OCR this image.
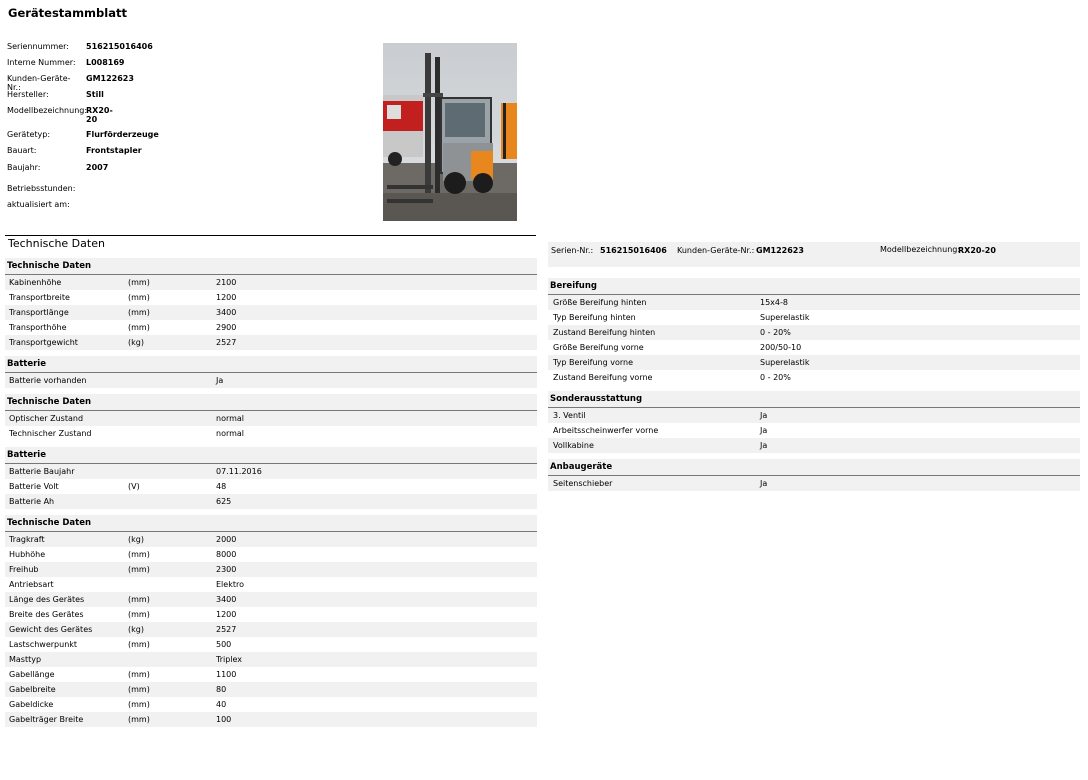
Gerätestammblatt
Seriennummer:	516215016406
Interne Nummer:	L008169
Kunden-Geräte-Nr.:
GM122623
Hersteller:	Still
Modellbezeichnung:
RX20-20
Gerätetyp:	Flurförderzeuge
Bauart:	Frontstapler
Baujahr:	2007
Betriebsstunden:
aktualisiert am:
Technische Daten
Technische Daten
Kabinenhöhe	(mm)	2100
Transportbreite	(mm)	1200
Transportlänge	(mm)	3400
Transporthöhe	(mm)	2900
Transportgewicht	(kg)	2527
Batterie
Batterie vorhanden	Ja
Technische Daten
Optischer Zustand	normal
Technischer Zustand	normal
Batterie
Batterie Baujahr	07.11.2016
Batterie Volt	(V)	48
Batterie Ah	625
Technische Daten
Tragkraft	(kg)	2000
Hubhöhe	(mm)	8000
Freihub	(mm)	2300
Antriebsart	Elektro
Länge des Gerätes	(mm)	3400
Breite des Gerätes	(mm)	1200
Gewicht des Gerätes	(kg)	2527
Lastschwerpunkt	(mm)	500
Masttyp	Triplex
Gabellänge	(mm)	1100
Gabelbreite	(mm)	80
Gabeldicke	(mm)	40
Gabelträger Breite	(mm)	100
Serien-Nr.: 516215016406 Kunden-Geräte-Nr.: GM122623	Modellbezeichnung:
RX20-20
Bereifung
Größe Bereifung hinten	15x4-8
Typ Bereifung hinten	Superelastik
Zustand Bereifung hinten	0 - 20%
Größe Bereifung vorne	200/50-10
Typ Bereifung vorne	Superelastik
Zustand Bereifung vorne	0 - 20%
Sonderausstattung
3. Ventil	Ja
Arbeitsscheinwerfer vorne	Ja
Vollkabine	Ja
Anbaugeräte
Seitenschieber	Ja
